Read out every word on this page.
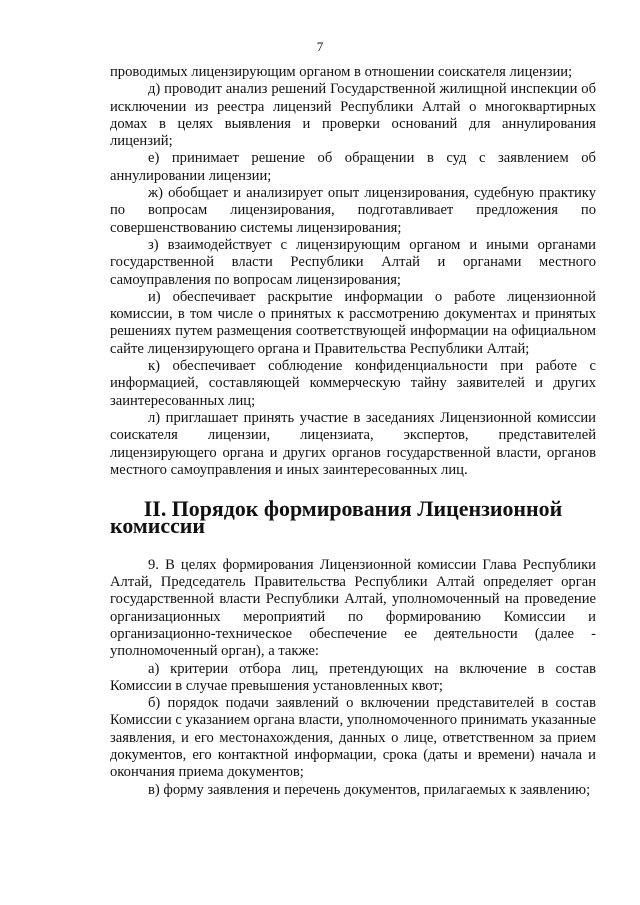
7

проводимых лицензирующим органом в отношении соискателя лицензии;

д) проводит анализ решений Государственной жилищной инспекции об исключении из реестра лицензий Республики Алтай о многоквартирных домах в целях выявления и проверки оснований для аннулирования лицензий;

е) принимает решение об обращении в суд с заявлением об аннулировании лицензии;

ж) обобщает и анализирует опыт лицензирования, судебную практику по вопросам лицензирования, подготавливает предложения по совершенствованию системы лицензирования;

з) взаимодействует с лицензирующим органом и иными органами государственной власти Республики Алтай и органами местного самоуправления по вопросам лицензирования;

и) обеспечивает раскрытие информации о работе лицензионной комиссии, в том числе о принятых к рассмотрению документах и принятых решениях путем размещения соответствующей информации на официальном сайте лицензирующего органа и Правительства Республики Алтай;

к) обеспечивает соблюдение конфиденциальности при работе с информацией, составляющей коммерческую тайну заявителей и других заинтересованных лиц;

л) приглашает принять участие в заседаниях Лицензионной комиссии соискателя лицензии, лицензиата, экспертов, представителей лицензирующего органа и других органов государственной власти, органов местного самоуправления и иных заинтересованных лиц.

II. Порядок формирования Лицензионной комиссии

9. В целях формирования Лицензионной комиссии Глава Республики Алтай, Председатель Правительства Республики Алтай определяет орган государственной власти Республики Алтай, уполномоченный на проведение организационных мероприятий по формированию Комиссии и организационно-техническое обеспечение ее деятельности (далее - уполномоченный орган), а также:

а) критерии отбора лиц, претендующих на включение в состав Комиссии в случае превышения установленных квот;

б) порядок подачи заявлений о включении представителей в состав Комиссии с указанием органа власти, уполномоченного принимать указанные заявления, и его местонахождения, данных о лице, ответственном за прием документов, его контактной информации, срока (даты и времени) начала и окончания приема документов;

в) форму заявления и перечень документов, прилагаемых к заявлению;
